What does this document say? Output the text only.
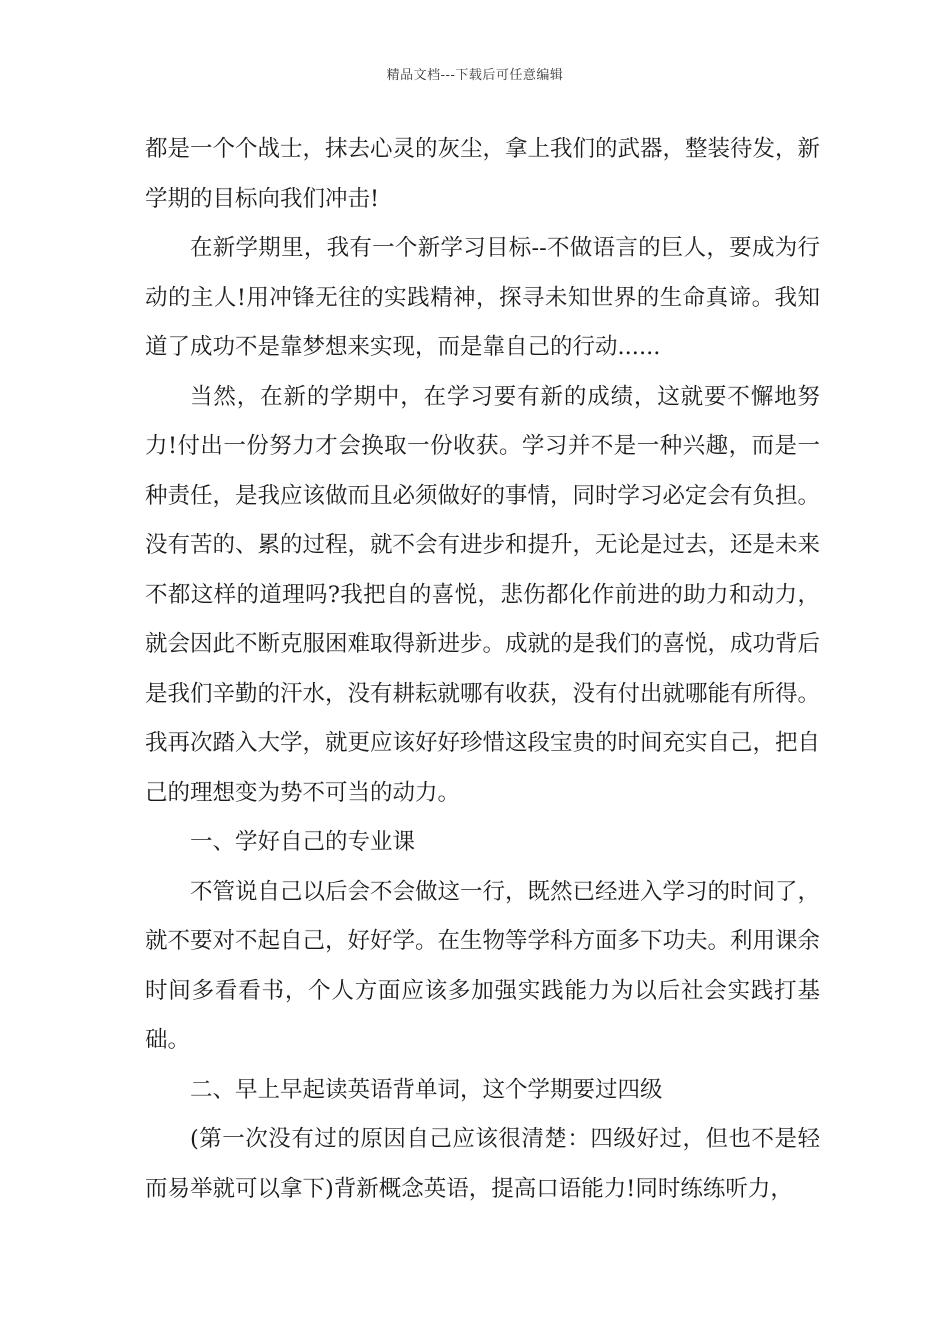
精品文档---下载后可任意编辑

都是一个个战士，抹去心灵的灰尘，拿上我们的武器，整装待发，新学期的目标向我们冲击!

在新学期里，我有一个新学习目标--不做语言的巨人，要成为行动的主人!用冲锋无往的实践精神，探寻未知世界的生命真谛。我知道了成功不是靠梦想来实现，而是靠自己的行动......

当然，在新的学期中，在学习要有新的成绩，这就要不懈地努力!付出一份努力才会换取一份收获。学习并不是一种兴趣，而是一种责任，是我应该做而且必须做好的事情，同时学习必定会有负担。没有苦的、累的过程，就不会有进步和提升，无论是过去，还是未来不都这样的道理吗?我把自的喜悦，悲伤都化作前进的助力和动力，就会因此不断克服困难取得新进步。成就的是我们的喜悦，成功背后是我们辛勤的汗水，没有耕耘就哪有收获，没有付出就哪能有所得。我再次踏入大学，就更应该好好珍惜这段宝贵的时间充实自己，把自己的理想变为势不可当的动力。

一、学好自己的专业课

不管说自己以后会不会做这一行，既然已经进入学习的时间了，就不要对不起自己，好好学。在生物等学科方面多下功夫。利用课余时间多看看书，个人方面应该多加强实践能力为以后社会实践打基础。

二、早上早起读英语背单词，这个学期要过四级

(第一次没有过的原因自己应该很清楚：四级好过，但也不是轻而易举就可以拿下)背新概念英语，提高口语能力!同时练练听力，
